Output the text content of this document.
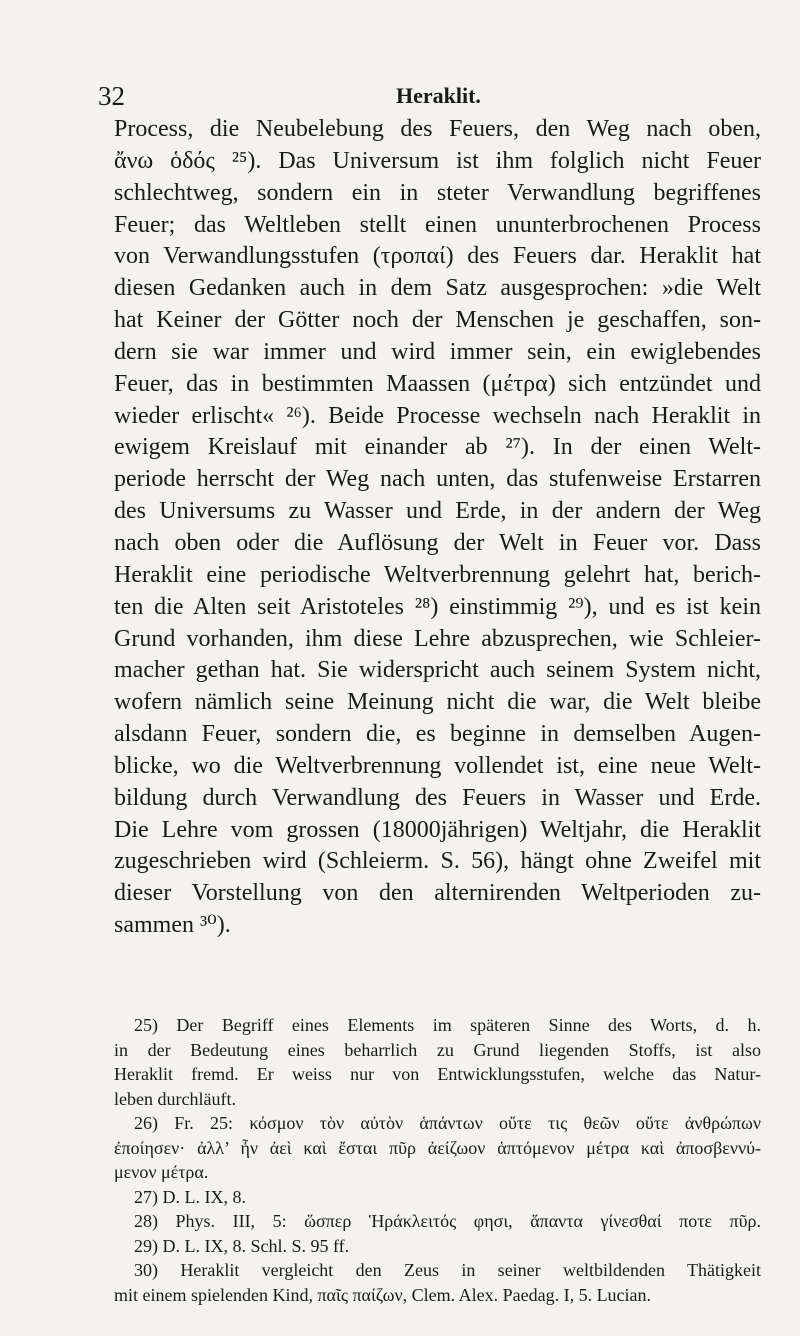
32	Heraklit.
Process, die Neubelebung des Feuers, den Weg nach oben,
ἄνω ὁδός ²⁵). Das Universum ist ihm folglich nicht Feuer
schlechtweg, sondern ein in steter Verwandlung begriffenes
Feuer; das Weltleben stellt einen ununterbrochenen Process
von Verwandlungsstufen (τροπαί) des Feuers dar. Heraklit hat
diesen Gedanken auch in dem Satz ausgesprochen: »die Welt
hat Keiner der Götter noch der Menschen je geschaffen, son-
dern sie war immer und wird immer sein, ein ewiglebendes
Feuer, das in bestimmten Maassen (μέτρα) sich entzündet und
wieder erlischt« ²⁶). Beide Processe wechseln nach Heraklit in
ewigem Kreislauf mit einander ab ²⁷). In der einen Welt-
periode herrscht der Weg nach unten, das stufenweise Erstarren
des Universums zu Wasser und Erde, in der andern der Weg
nach oben oder die Auflösung der Welt in Feuer vor. Dass
Heraklit eine periodische Weltverbrennung gelehrt hat, berich-
ten die Alten seit Aristoteles ²⁸) einstimmig ²⁹), und es ist kein
Grund vorhanden, ihm diese Lehre abzusprechen, wie Schleier-
macher gethan hat. Sie widerspricht auch seinem System nicht,
wofern nämlich seine Meinung nicht die war, die Welt bleibe
alsdann Feuer, sondern die, es beginne in demselben Augen-
blicke, wo die Weltverbrennung vollendet ist, eine neue Welt-
bildung durch Verwandlung des Feuers in Wasser und Erde.
Die Lehre vom grossen (18000jährigen) Weltjahr, die Heraklit
zugeschrieben wird (Schleierm. S. 56), hängt ohne Zweifel mit
dieser Vorstellung von den alternirenden Weltperioden zu-
sammen ³⁰).
25) Der Begriff eines Elements im späteren Sinne des Worts, d. h.
in der Bedeutung eines beharrlich zu Grund liegenden Stoffs, ist also
Heraklit fremd. Er weiss nur von Entwicklungsstufen, welche das Natur-
leben durchläuft.
26) Fr. 25: κόσμον τὸν αὐτὸν ἁπάντων οὔτε τις θεῶν οὔτε ἀνθρώπων
ἐποίησεν· ἀλλ’ ἦν ἀεὶ καὶ ἔσται πῦρ ἀείζωον ἁπτόμενον μέτρα καὶ ἀποσβεννύ-
μενον μέτρα.
27) D. L. IX, 8.
28) Phys. III, 5: ὥσπερ Ἡράκλειτός φησι, ἅπαντα γίνεσθαί ποτε πῦρ.
29) D. L. IX, 8. Schl. S. 95 ff.
30) Heraklit vergleicht den Zeus in seiner weltbildenden Thätigkeit
mit einem spielenden Kind, παῖς παίζων, Clem. Alex. Paedag. I, 5. Lucian.
